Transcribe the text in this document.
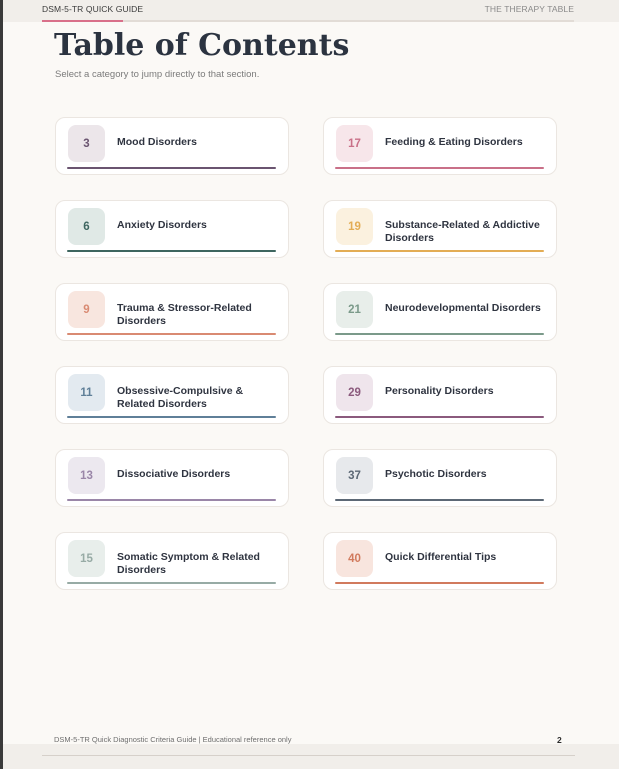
DSM-5-TR QUICK GUIDE	THE THERAPY TABLE
Table of Contents
Select a category to jump directly to that section.
3	Mood Disorders	17	Feeding & Eating Disorders
6	Anxiety Disorders	19	Substance-Related & Addictive Disorders
9	Trauma & Stressor-Related Disorders
21	Neurodevelopmental Disorders
11	Obsessive-Compulsive & Related Disorders
29	Personality Disorders
13	Dissociative Disorders	37	Psychotic Disorders
15	Somatic Symptom & Related Disorders
40	Quick Differential Tips
DSM-5-TR Quick Diagnostic Criteria Guide | Educational reference only	2
